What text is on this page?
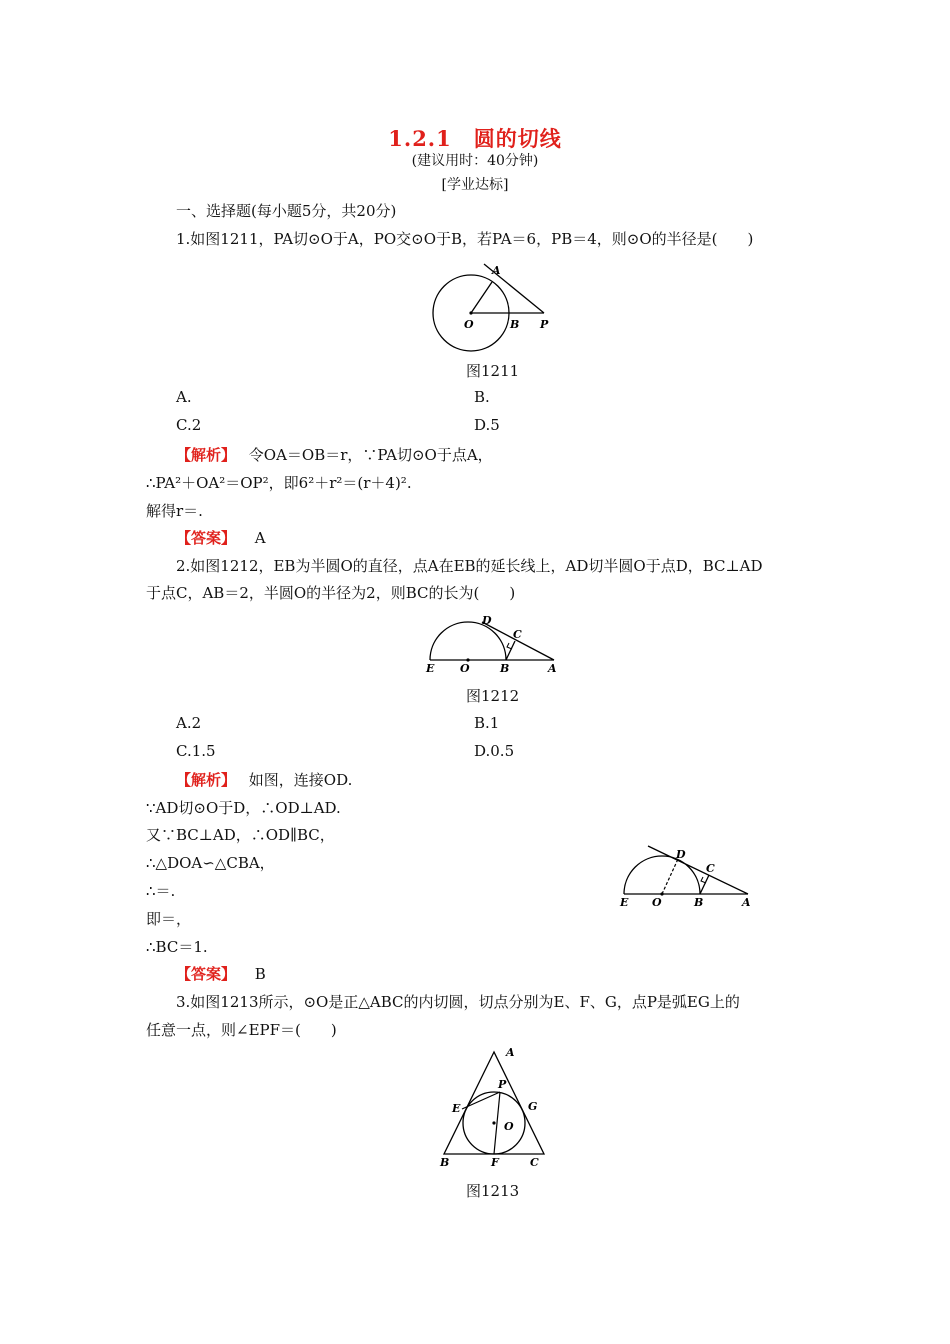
1.2.1　圆的切线
(建议用时：40分钟)
[学业达标]
一、选择题(每小题5分，共20分)
1.如图1211，PA切⊙O于A，PO交⊙O于B，若PA＝6，PB＝4，则⊙O的半径是(　　)
A
O	B P
图1211
A.	B.
C.2	D.5
【解析】 令OA＝OB＝r，∵PA切⊙O于点A，
∴PA²＋OA²＝OP²，即6²＋r²＝(r＋4)².
解得r＝.
【答案】 A
2.如图1212，EB为半圆O的直径，点A在EB的延长线上，AD切半圆O于点D，BC⊥AD
于点C，AB＝2，半圆O的半径为2，则BC的长为(　　)
D
C
E O	B	A
图1212
A.2	B.1
C.1.5	D.0.5
【解析】 如图，连接OD.
∵AD切⊙O于D，∴OD⊥AD.
又∵BC⊥AD，∴OD∥BC，
∴△DOA∽△CBA，
∴＝.
即＝，
∴BC＝1.
【答案】 B
D
C
E O	B	A
3.如图1213所示，⊙O是正△ABC的内切圆，切点分别为E、F、G，点P是弧EG上的
任意一点，则∠EPF＝(　　)
A
P
G
E
O
B	F	C
图1213
